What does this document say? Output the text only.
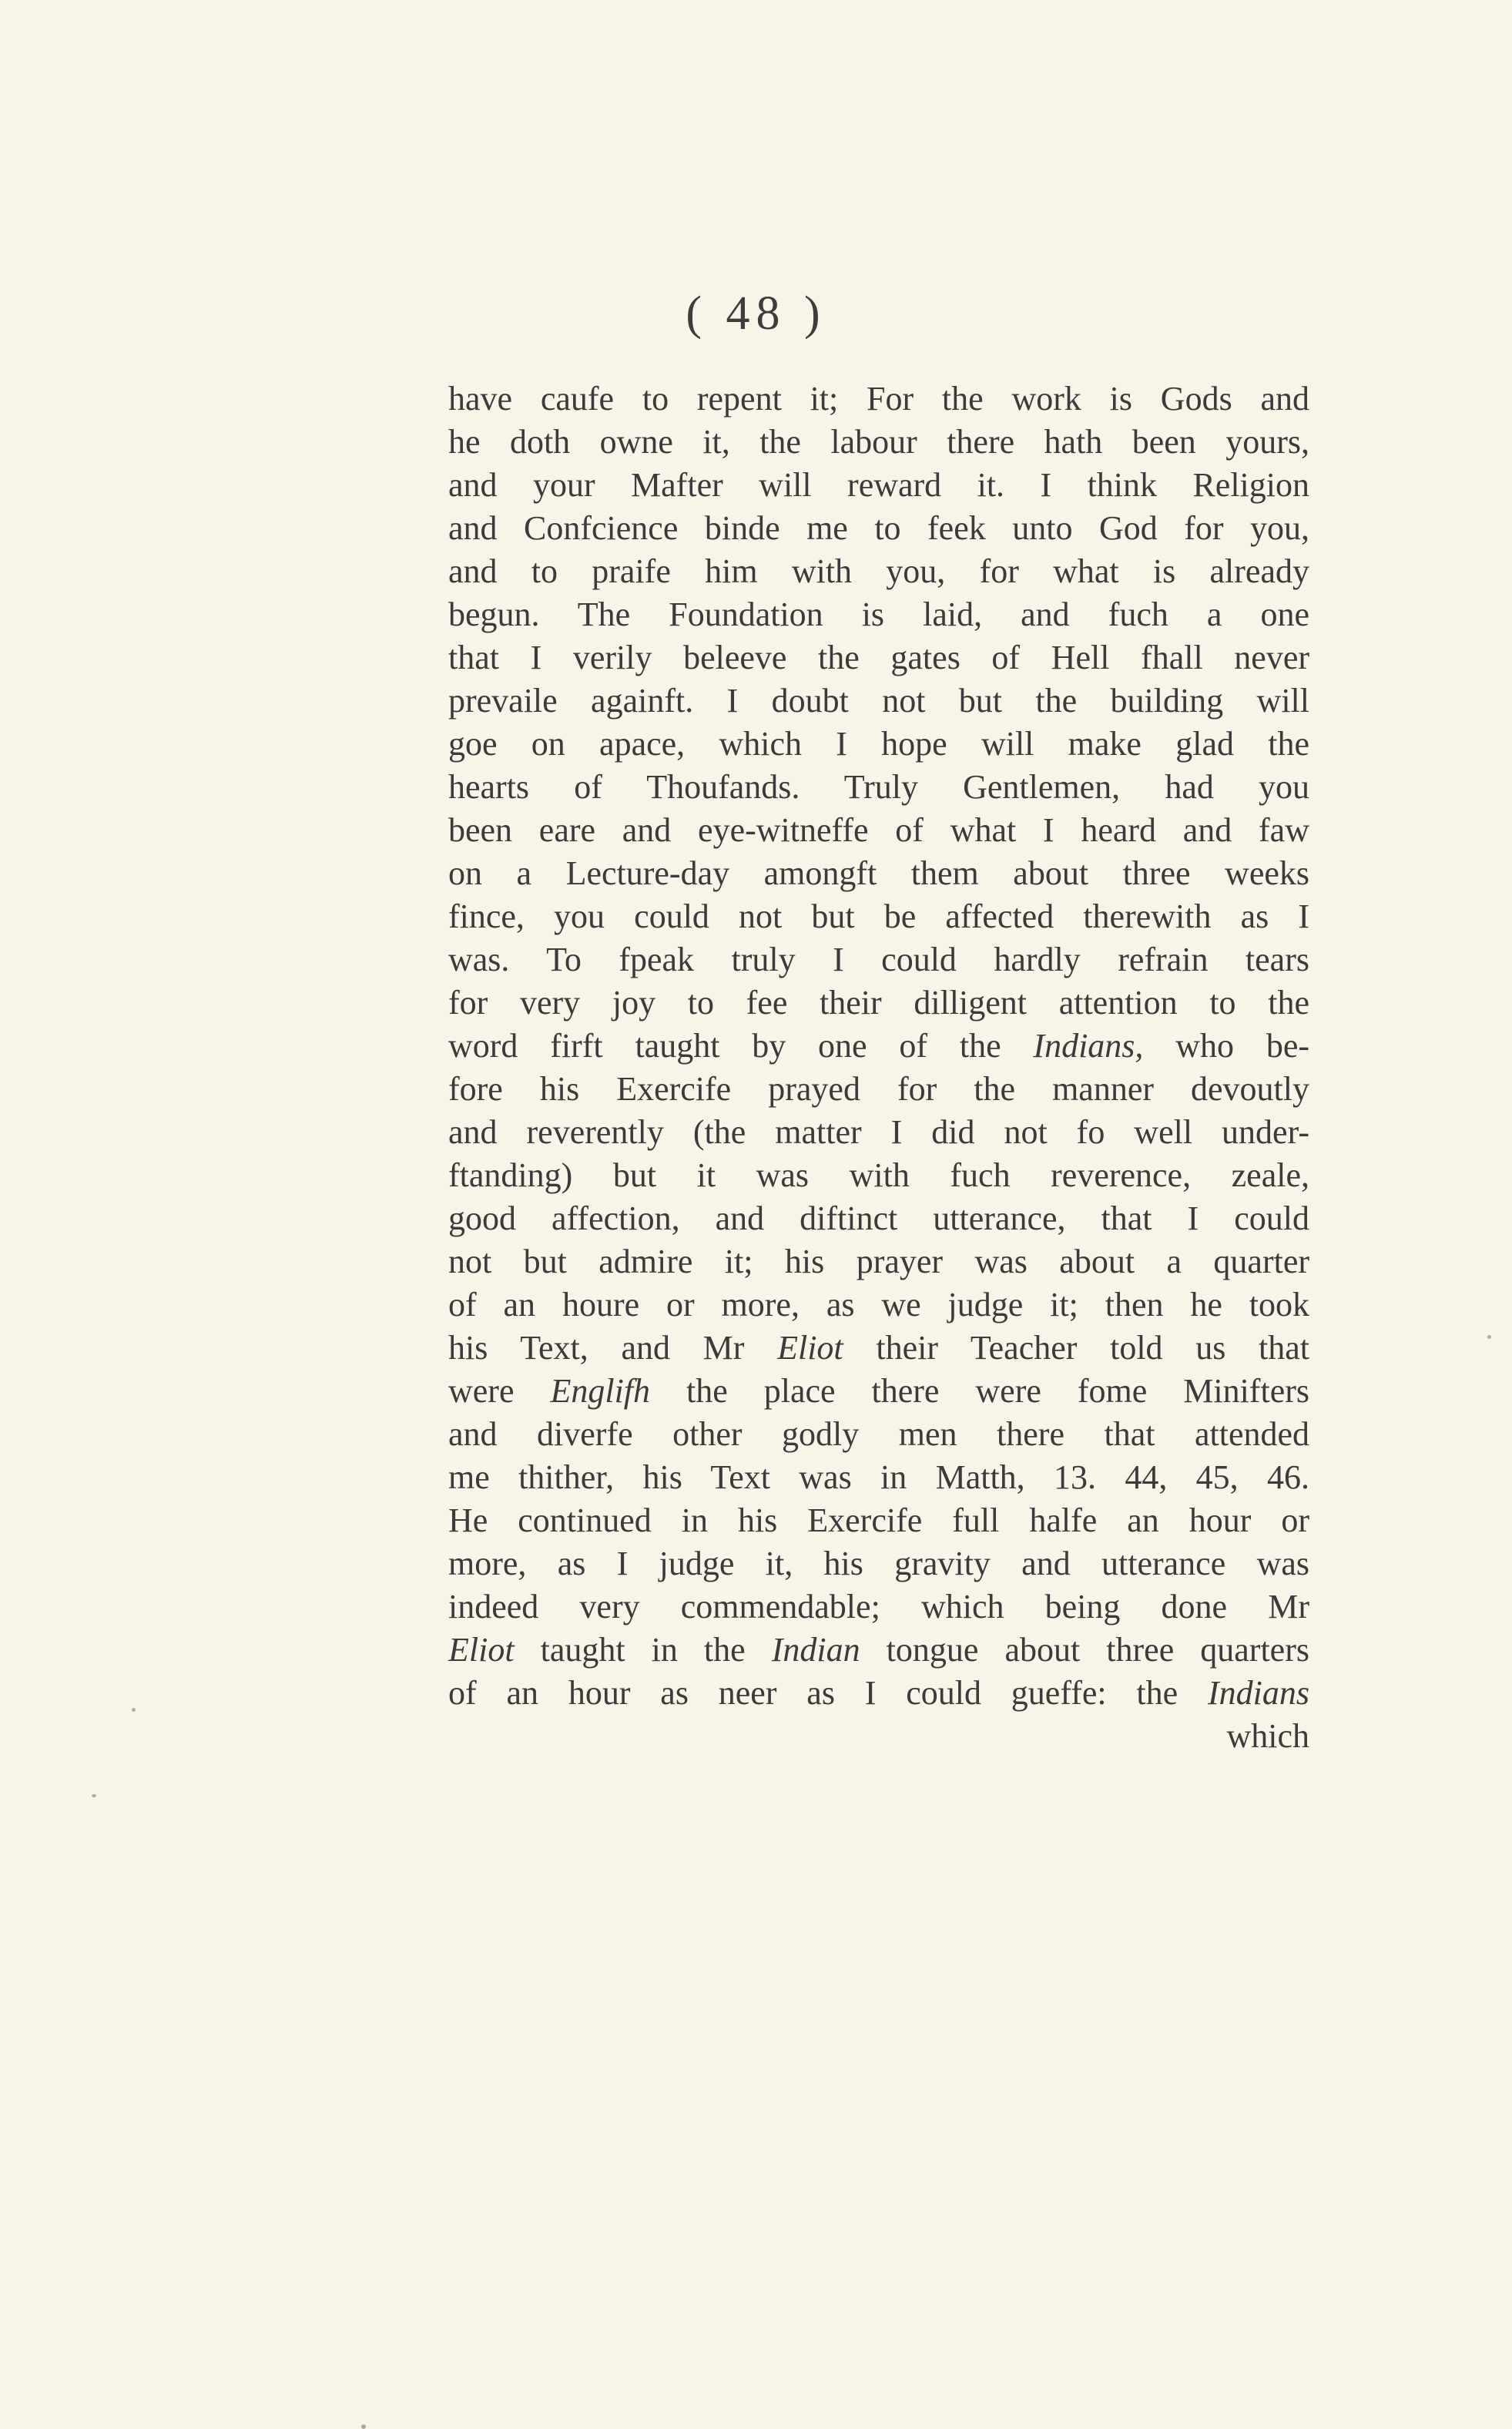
( 48 )
have caufe to repent it; For the work is Gods and
he doth owne it, the labour there hath been yours,
and your Mafter will reward it. I think Religion
and Confcience binde me to feek unto God for you,
and to praife him with you, for what is already
begun. The Foundation is laid, and fuch a one
that I verily beleeve the gates of Hell fhall never
prevaile againft. I doubt not but the building will
goe on apace, which I hope will make glad the
hearts of Thoufands. Truly Gentlemen, had you
been eare and eye-witneffe of what I heard and faw
on a Lecture-day amongft them about three weeks
fince, you could not but be affected therewith as I
was. To fpeak truly I could hardly refrain tears
for very joy to fee their dilligent attention to the
word firft taught by one of the Indians, who be-
fore his Exercife prayed for the manner devoutly
and reverently (the matter I did not fo well under-
ftanding) but it was with fuch reverence, zeale,
good affection, and diftinct utterance, that I could
not but admire it; his prayer was about a quarter
of an houre or more, as we judge it; then he took
his Text, and Mr Eliot their Teacher told us that
were Englifh the place there were fome Minifters
and diverfe other godly men there that attended
me thither, his Text was in Matth, 13. 44, 45, 46.
He continued in his Exercife full halfe an hour or
more, as I judge it, his gravity and utterance was
indeed very commendable; which being done Mr
Eliot taught in the Indian tongue about three quarters
of an hour as neer as I could gueffe: the Indians
which
